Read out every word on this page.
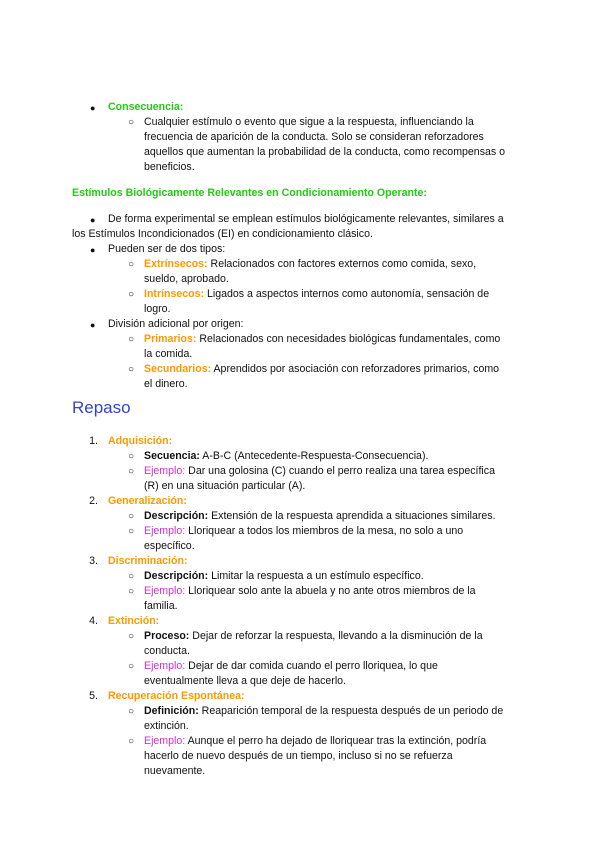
● Consecuencia:
○ Cualquier estímulo o evento que sigue a la respuesta, influenciando la
frecuencia de aparición de la conducta. Solo se consideran reforzadores
aquellos que aumentan la probabilidad de la conducta, como recompensas o
beneficios.
Estímulos Biológicamente Relevantes en Condicionamiento Operante:
● De forma experimental se emplean estímulos biológicamente relevantes, similares a
los Estímulos Incondicionados (EI) en condicionamiento clásico.
● Pueden ser de dos tipos:
○ Extrínsecos: Relacionados con factores externos como comida, sexo,
sueldo, aprobado.
○ Intrínsecos: Ligados a aspectos internos como autonomía, sensación de
logro.
● División adicional por origen:
○ Primarios: Relacionados con necesidades biológicas fundamentales, como
la comida.
○ Secundarios: Aprendidos por asociación con reforzadores primarios, como
el dinero.
Repaso
1. Adquisición:
○ Secuencia: A-B-C (Antecedente-Respuesta-Consecuencia).
○ Ejemplo: Dar una golosina (C) cuando el perro realiza una tarea específica
(R) en una situación particular (A).
2. Generalización:
○ Descripción: Extensión de la respuesta aprendida a situaciones similares.
○ Ejemplo: Lloriquear a todos los miembros de la mesa, no solo a uno
específico.
3. Discriminación:
○ Descripción: Limitar la respuesta a un estímulo específico.
○ Ejemplo: Lloriquear solo ante la abuela y no ante otros miembros de la
familia.
4. Extinción:
○ Proceso: Dejar de reforzar la respuesta, llevando a la disminución de la
conducta.
○ Ejemplo: Dejar de dar comida cuando el perro lloriquea, lo que
eventualmente lleva a que deje de hacerlo.
5. Recuperación Espontánea:
○ Definición: Reaparición temporal de la respuesta después de un periodo de
extinción.
○ Ejemplo: Aunque el perro ha dejado de lloriquear tras la extinción, podría
hacerlo de nuevo después de un tiempo, incluso si no se refuerza
nuevamente.
